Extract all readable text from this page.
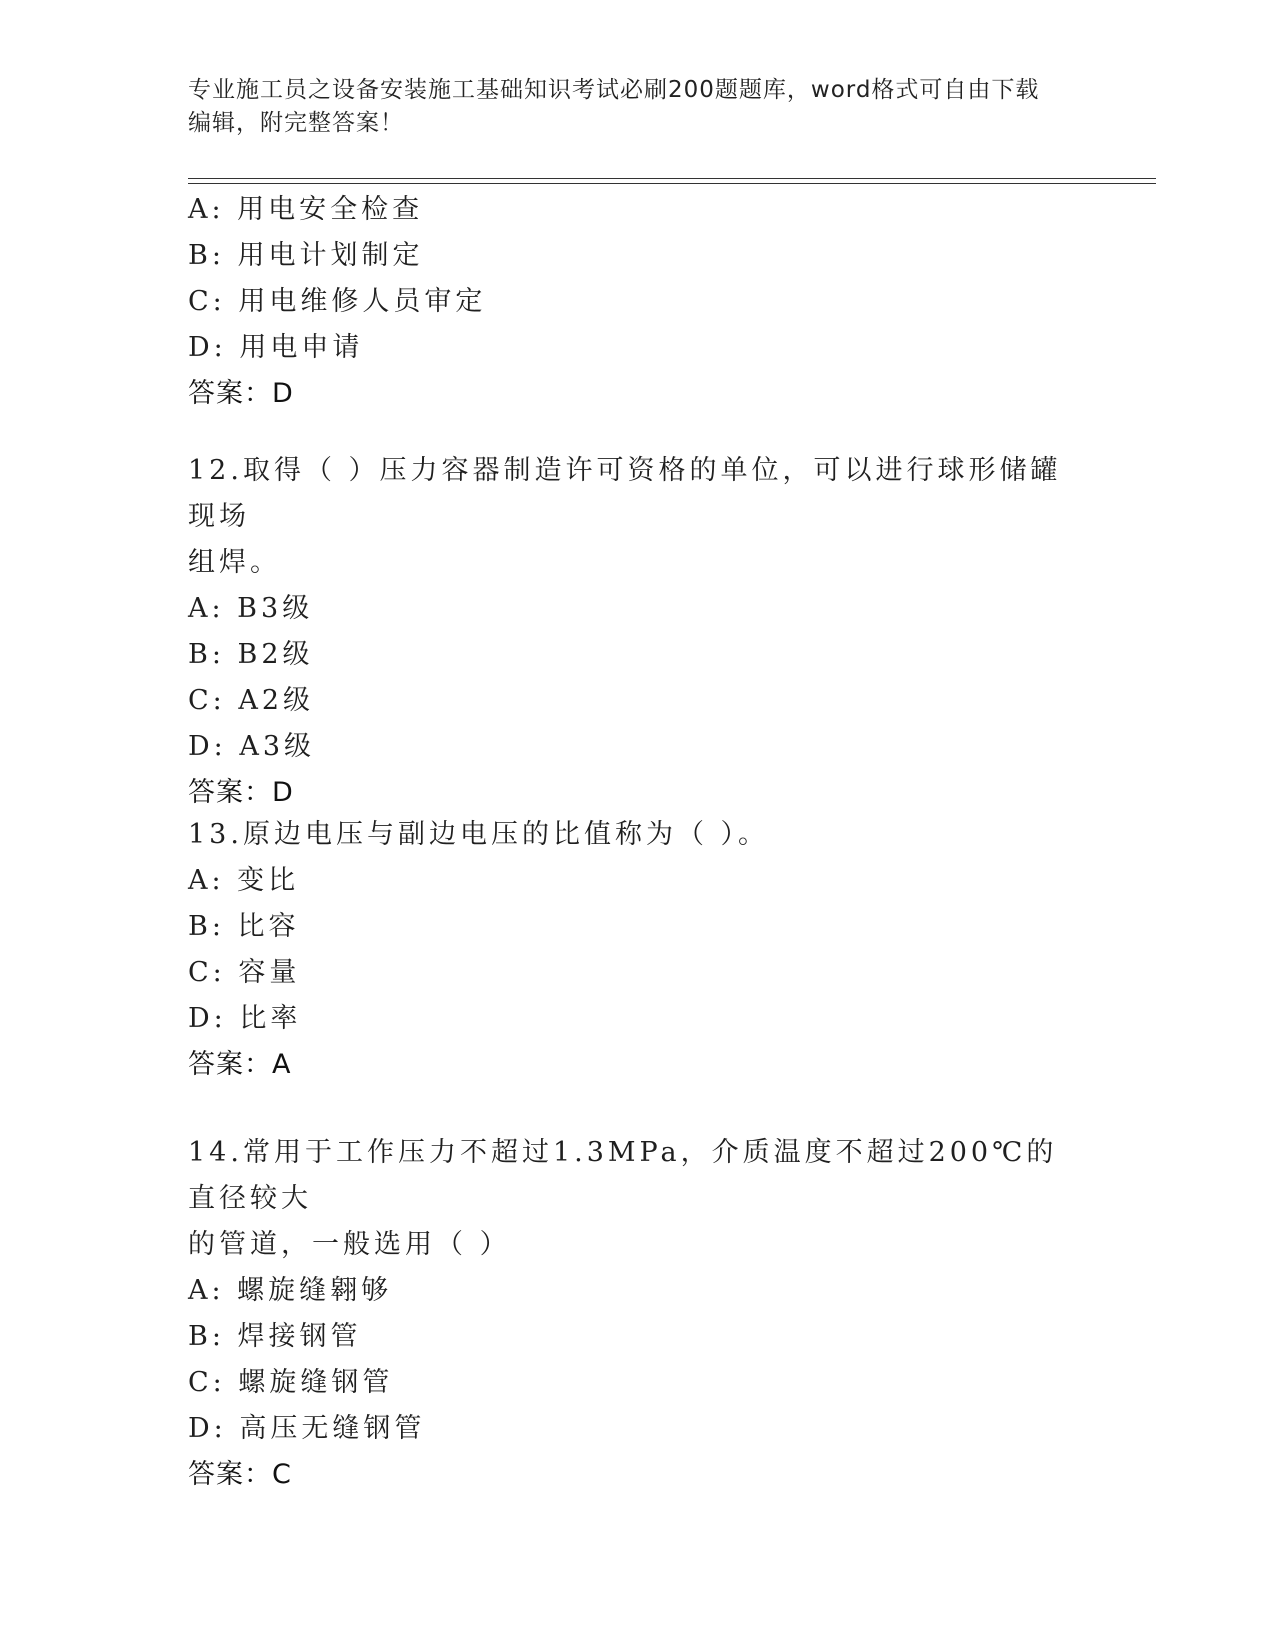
专业施工员之设备安装施工基础知识考试必刷200题题库，word格式可自由下载
编辑，附完整答案！
A: 用电安全检查
B: 用电计划制定
C: 用电维修人员审定
D: 用电申请
答案：D
12.取得（ ）压力容器制造许可资格的单位，可以进行球形储罐现场
组焊。
A: B3级
B: B2级
C: A2级
D: A3级
答案：D
13.原边电压与副边电压的比值称为（ ）。
A: 变比
B: 比容
C: 容量
D: 比率
答案：A
14.常用于工作压力不超过1.3MPa，介质温度不超过200℃的直径较大
的管道，一般选用（ ）
A: 螺旋缝翱够
B: 焊接钢管
C: 螺旋缝钢管
D: 高压无缝钢管
答案：C
